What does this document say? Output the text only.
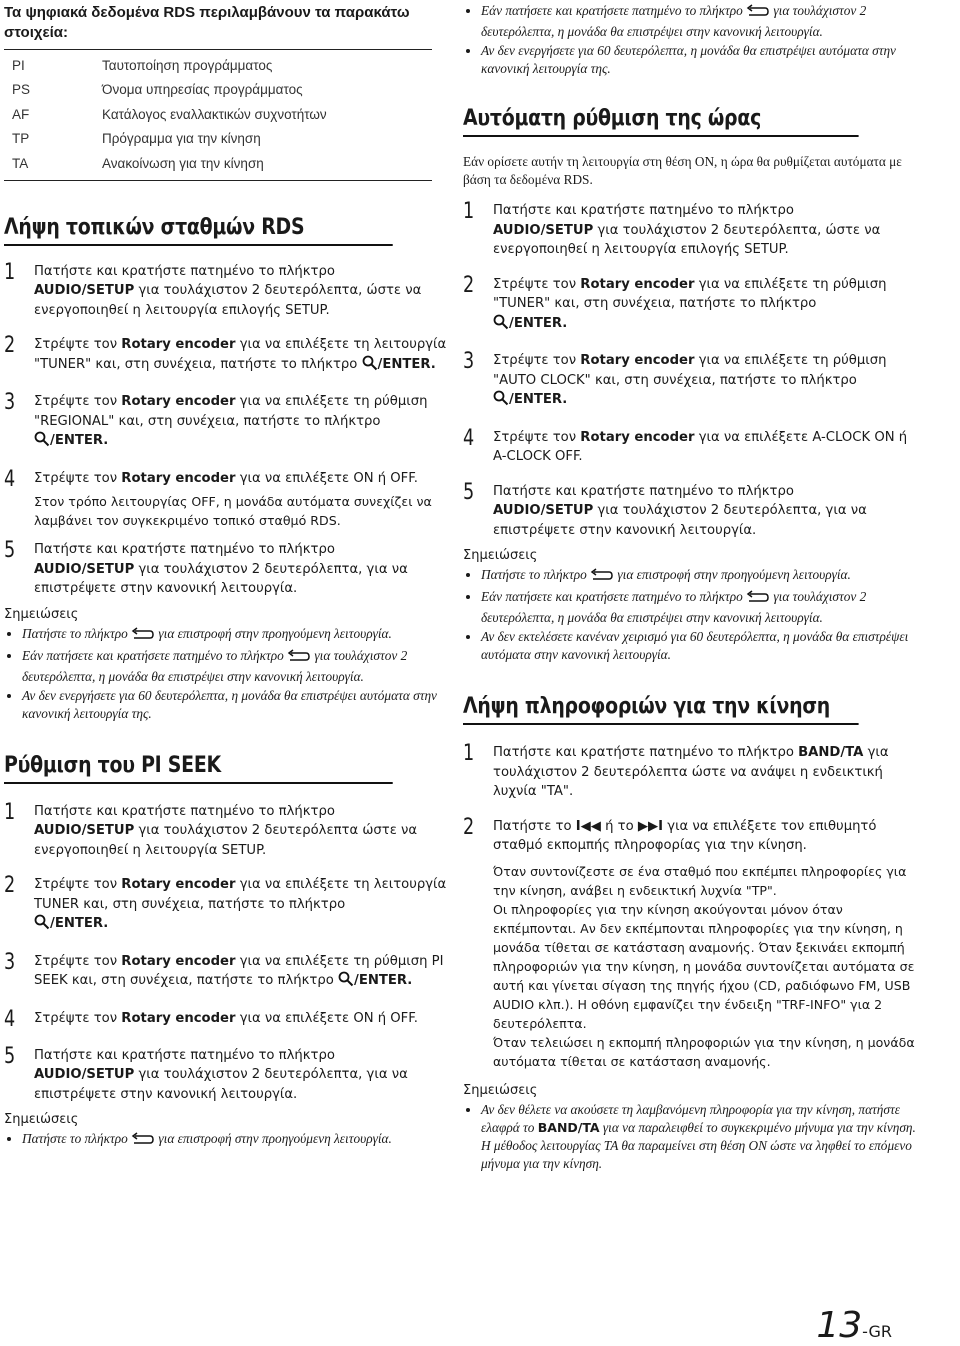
Τα ψηφιακά δεδομένα RDS περιλαμβάνουν τα παρακάτω στοιχεία:
PI	Ταυτοποίηση προγράμματος
PS	Όνομα υπηρεσίας προγράμματος
AF	Κατάλογος εναλλακτικών συχνοτήτων
TP	Πρόγραμμα για την κίνηση
TA	Ανακοίνωση για την κίνηση
Λήψη τοπικών σταθμών RDS
1	Πατήστε και κρατήστε πατημένο το πλήκτρο
AUDIO/SETUP για τουλάχιστον 2 δευτερόλεπτα, ώστε να ενεργοποιηθεί η λειτουργία επιλογής SETUP.
2	Στρέψτε τον Rotary encoder για να επιλέξετε τη λειτουργία "TUNER" και, στη συνέχεια, πατήστε το πλήκτρο /ENTER.
3	Στρέψτε τον Rotary encoder για να επιλέξετε τη ρύθμιση "REGIONAL" και, στη συνέχεια, πατήστε το πλήκτρο
/ENTER.
4	Στρέψτε τον Rotary encoder για να επιλέξετε ON ή OFF.
Στον τρόπο λειτουργίας OFF, η μονάδα αυτόματα συνεχίζει να λαμβάνει τον συγκεκριμένο τοπικό σταθμό RDS.
5	Πατήστε και κρατήστε πατημένο το πλήκτρο
AUDIO/SETUP για τουλάχιστον 2 δευτερόλεπτα, για να επιστρέψετε στην κανονική λειτουργία.
Σημειώσεις
• Πατήστε το πλήκτρο  για επιστροφή στην προηγούμενη λειτουργία.
• Εάν πατήσετε και κρατήσετε πατημένο το πλήκτρο  για τουλάχιστον 2 δευτερόλεπτα, η μονάδα θα επιστρέψει στην κανονική λειτουργία.
• Αν δεν ενεργήσετε για 60 δευτερόλεπτα, η μονάδα θα επιστρέψει αυτόματα στην κανονική λειτουργία της.
Ρύθμιση του PI SEEK
1	Πατήστε και κρατήστε πατημένο το πλήκτρο
AUDIO/SETUP για τουλάχιστον 2 δευτερόλεπτα ώστε να ενεργοποιηθεί η λειτουργία SETUP.
2	Στρέψτε τον Rotary encoder για να επιλέξετε τη λειτουργία TUNER και, στη συνέχεια, πατήστε το πλήκτρο
/ENTER.
3	Στρέψτε τον Rotary encoder για να επιλέξετε τη ρύθμιση PI SEEK και, στη συνέχεια, πατήστε το πλήκτρο /ENTER.
4	Στρέψτε τον Rotary encoder για να επιλέξετε ON ή OFF.
5	Πατήστε και κρατήστε πατημένο το πλήκτρο
AUDIO/SETUP για τουλάχιστον 2 δευτερόλεπτα, για να επιστρέψετε στην κανονική λειτουργία.
Σημειώσεις
• Πατήστε το πλήκτρο  για επιστροφή στην προηγούμενη λειτουργία.
• Εάν πατήσετε και κρατήσετε πατημένο το πλήκτρο  για τουλάχιστον 2 δευτερόλεπτα, η μονάδα θα επιστρέψει στην κανονική λειτουργία.
• Αν δεν ενεργήσετε για 60 δευτερόλεπτα, η μονάδα θα επιστρέψει αυτόματα στην κανονική λειτουργία της.
Αυτόματη ρύθμιση της ώρας
Εάν ορίσετε αυτήν τη λειτουργία στη θέση ON, η ώρα θα ρυθμίζεται αυτόματα με βάση τα δεδομένα RDS.
1	Πατήστε και κρατήστε πατημένο το πλήκτρο
AUDIO/SETUP για τουλάχιστον 2 δευτερόλεπτα, ώστε να ενεργοποιηθεί η λειτουργία επιλογής SETUP.
2	Στρέψτε τον Rotary encoder για να επιλέξετε τη ρύθμιση "TUNER" και, στη συνέχεια, πατήστε το πλήκτρο
/ENTER.
3	Στρέψτε τον Rotary encoder για να επιλέξετε τη ρύθμιση "AUTO CLOCK" και, στη συνέχεια, πατήστε το πλήκτρο
/ENTER.
4	Στρέψτε τον Rotary encoder για να επιλέξετε A-CLOCK ON ή A-CLOCK OFF.
5	Πατήστε και κρατήστε πατημένο το πλήκτρο
AUDIO/SETUP για τουλάχιστον 2 δευτερόλεπτα, για να επιστρέψετε στην κανονική λειτουργία.
Σημειώσεις
• Πατήστε το πλήκτρο  για επιστροφή στην προηγούμενη λειτουργία.
• Εάν πατήσετε και κρατήσετε πατημένο το πλήκτρο  για τουλάχιστον 2 δευτερόλεπτα, η μονάδα θα επιστρέψει στην κανονική λειτουργία.
• Αν δεν εκτελέσετε κανέναν χειρισμό για 60 δευτερόλεπτα, η μονάδα θα επιστρέψει αυτόματα στην κανονική λειτουργία.
Λήψη πληροφοριών για την κίνηση
1	Πατήστε και κρατήστε πατημένο το πλήκτρο BAND/TA για τουλάχιστον 2 δευτερόλεπτα ώστε να ανάψει η ενδεικτική λυχνία "TA".
2	Πατήστε το I◀◀ ή το ▶▶I για να επιλέξετε τον επιθυμητό σταθμό εκπομπής πληροφορίας για την κίνηση.
Όταν συντονίζεστε σε ένα σταθμό που εκπέμπει πληροφορίες για την κίνηση, ανάβει η ενδεικτική λυχνία "TP".
Οι πληροφορίες για την κίνηση ακούγονται μόνον όταν εκπέμπονται. Αν δεν εκπέμπονται πληροφορίες για την κίνηση, η μονάδα τίθεται σε κατάσταση αναμονής. Όταν ξεκινάει εκπομπή πληροφοριών για την κίνηση, η μονάδα συντονίζεται αυτόματα σε αυτή και γίνεται σίγαση της πηγής ήχου (CD, ραδιόφωνο FM, USB AUDIO κλπ.). Η οθόνη εμφανίζει την ένδειξη "TRF-INFO" για 2 δευτερόλεπτα.
Όταν τελειώσει η εκπομπή πληροφοριών για την κίνηση, η μονάδα αυτόματα τίθεται σε κατάσταση αναμονής.
Σημειώσεις
• Αν δεν θέλετε να ακούσετε τη λαμβανόμενη πληροφορία για την κίνηση, πατήστε ελαφρά το BAND/TA για να παραλειφθεί το συγκεκριμένο μήνυμα για την κίνηση. Η μέθοδος λειτουργίας TA θα παραμείνει στη θέση ON ώστε να ληφθεί το επόμενο μήνυμα για την κίνηση.
13-GR
